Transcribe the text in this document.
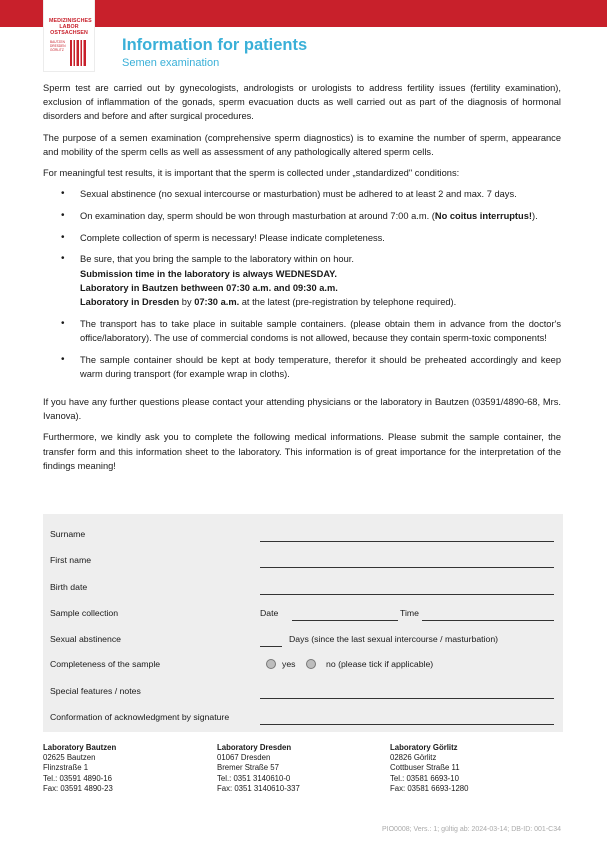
MEDIZINISCHES LABOR OSTSACHSEN
BAUTZEN
DRESDEN
GÖRLITZ	Information for patients
Semen examination

Sperm test are carried out by gynecologists, andrologists or urologists to address fertility issues (fertility examination), exclusion of inflammation of the gonads, sperm evacuation ducts as well carried out as part of the diagnosis of hormonal disorders and before and after surgical procedures.

The purpose of a semen examination (comprehensive sperm diagnostics) is to examine the number of sperm, appearance and mobility of the sperm cells as well as assessment of any pathologically altered sperm cells.

For meaningful test results, it is important that the sperm is collected under „standardized" conditions:

• Sexual abstinence (no sexual intercourse or masturbation) must be adhered to at least 2 and max. 7 days.
• On examination day, sperm should be won through masturbation at around 7:00 a.m. (No coitus interruptus!).
• Complete collection of sperm is necessary! Please indicate completeness.
• Be sure, that you bring the sample to the laboratory within on hour.
Submission time in the laboratory is always WEDNESDAY.
Laboratory in Bautzen bethween 07:30 a.m. and 09:30 a.m.
Laboratory in Dresden by 07:30 a.m. at the latest (pre-registration by telephone required).
• The transport has to take place in suitable sample containers. (please obtain them in advance from the doctor's office/laboratory). The use of commercial condoms is not allowed, because they contain sperm-toxic components!
• The sample container should be kept at body temperature, therefor it should be preheated accordingly and keep warm during transport (for example wrap in cloths).

If you have any further questions please contact your attending physicians or the laboratory in Bautzen (03591/4890-68, Mrs. Ivanova).

Furthermore, we kindly ask you to complete the following medical informations. Please submit the sample container, the transfer form and this information sheet to the laboratory. This information is of great importance for the interpretation of the findings meaning!

Surname
First name
Birth date
Sample collection	Date	Time
Sexual abstinence	Days (since the last sexual intercourse / masturbation)
Completeness of the sample	yes	no (please tick if applicable)
Special features / notes
Conformation of acknowledgment by signature
Laboratory Bautzen
02625 Bautzen
Flinzstraße 1
Tel.: 03591 4890-16
Fax: 03591 4890-23
Laboratory Dresden
01067 Dresden
Bremer Straße 57
Tel.: 0351 3140610-0
Fax: 0351 3140610-337
Laboratory Görlitz
02826 Görlitz
Cottbuser Straße 11
Tel.: 03581 6693-10
Fax: 03581 6693-1280
PIO0008; Vers.: 1; gültig ab: 2024-03-14; DB-ID: 001-C34
